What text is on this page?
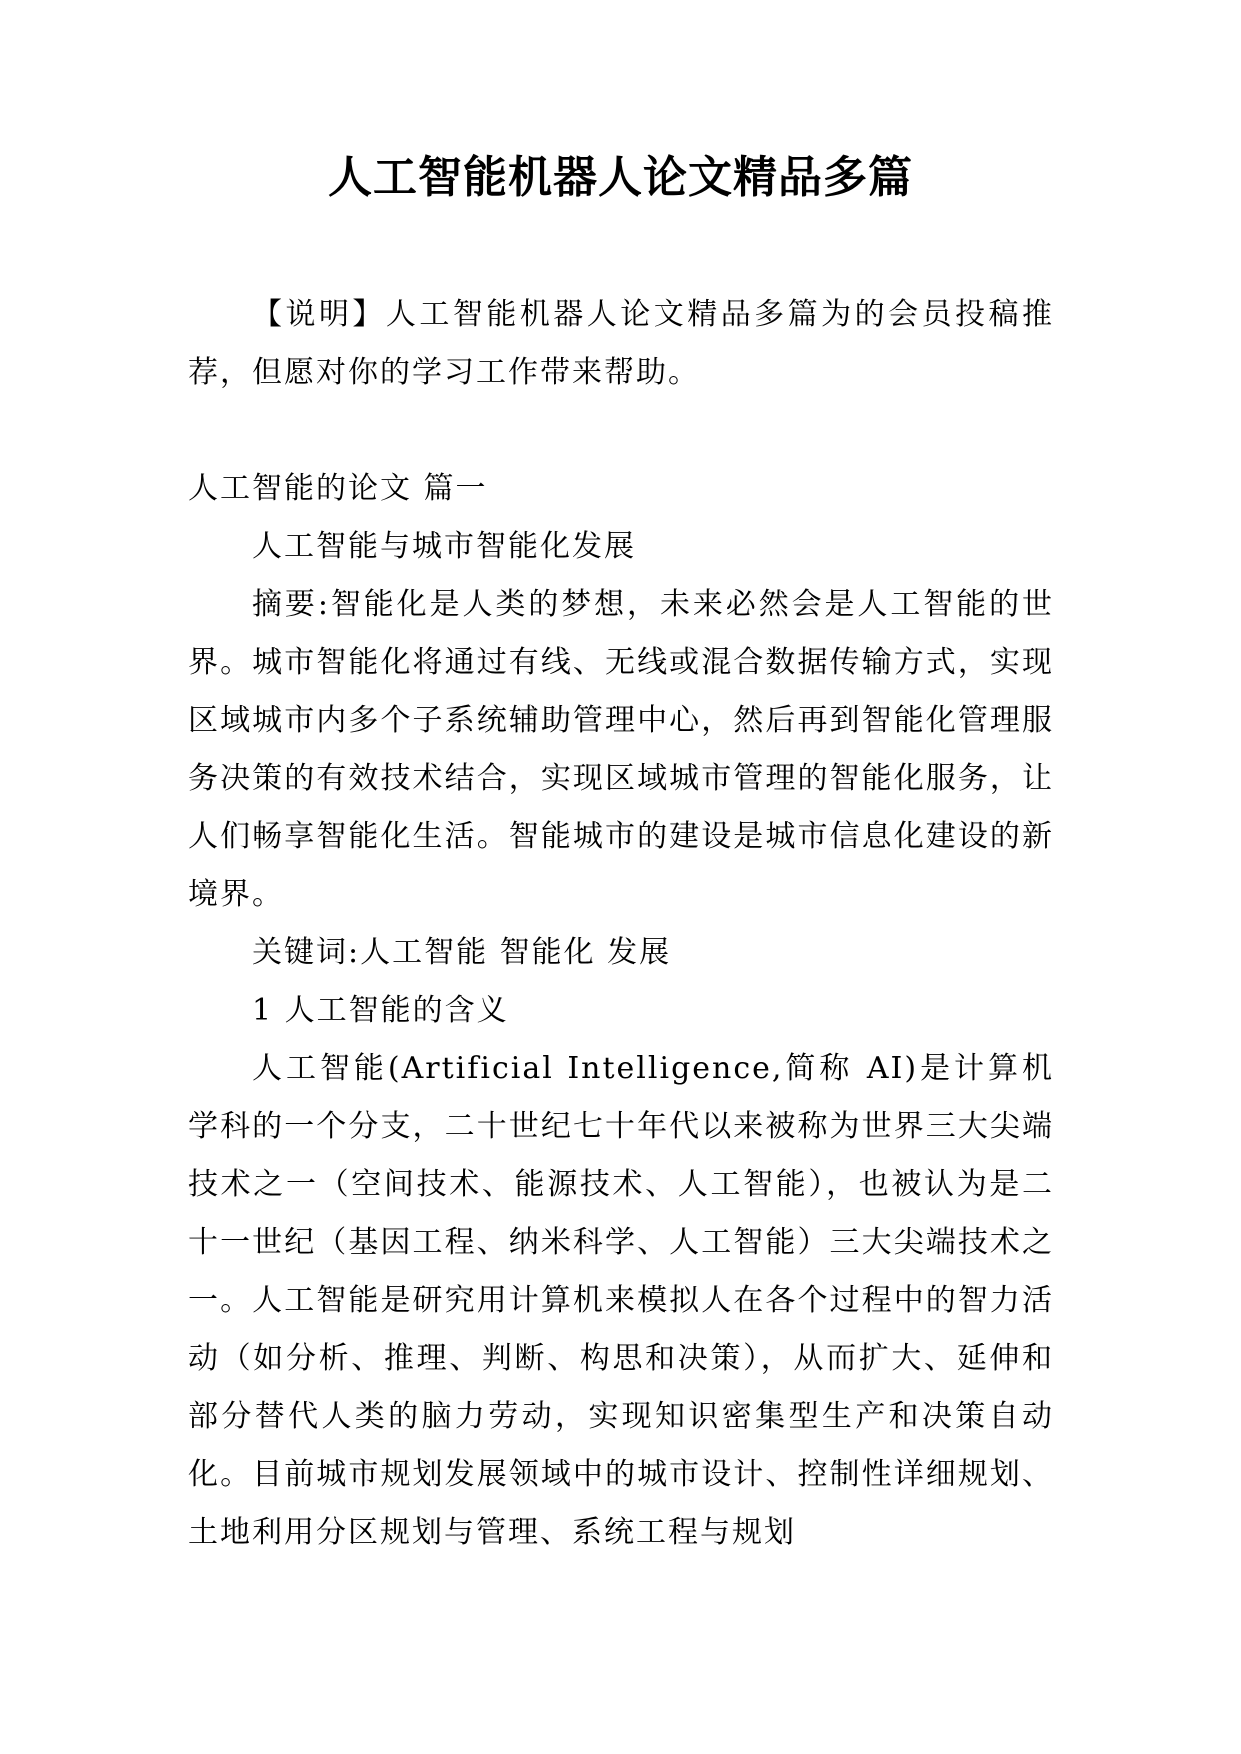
人工智能机器人论文精品多篇

【说明】人工智能机器人论文精品多篇为的会员投稿推荐，但愿对你的学习工作带来帮助。

人工智能的论文 篇一

人工智能与城市智能化发展

摘要:智能化是人类的梦想，未来必然会是人工智能的世界。城市智能化将通过有线、无线或混合数据传输方式，实现区域城市内多个子系统辅助管理中心，然后再到智能化管理服务决策的有效技术结合，实现区域城市管理的智能化服务，让人们畅享智能化生活。智能城市的建设是城市信息化建设的新境界。

关键词:人工智能 智能化 发展

1 人工智能的含义

人工智能(Artificial Intelligence,简称 AI)是计算机学科的一个分支，二十世纪七十年代以来被称为世界三大尖端技术之一（空间技术、能源技术、人工智能），也被认为是二十一世纪（基因工程、纳米科学、人工智能）三大尖端技术之一。人工智能是研究用计算机来模拟人在各个过程中的智力活动（如分析、推理、判断、构思和决策），从而扩大、延伸和部分替代人类的脑力劳动，实现知识密集型生产和决策自动化。目前城市规划发展领域中的城市设计、控制性详细规划、土地利用分区规划与管理、系统工程与规划
